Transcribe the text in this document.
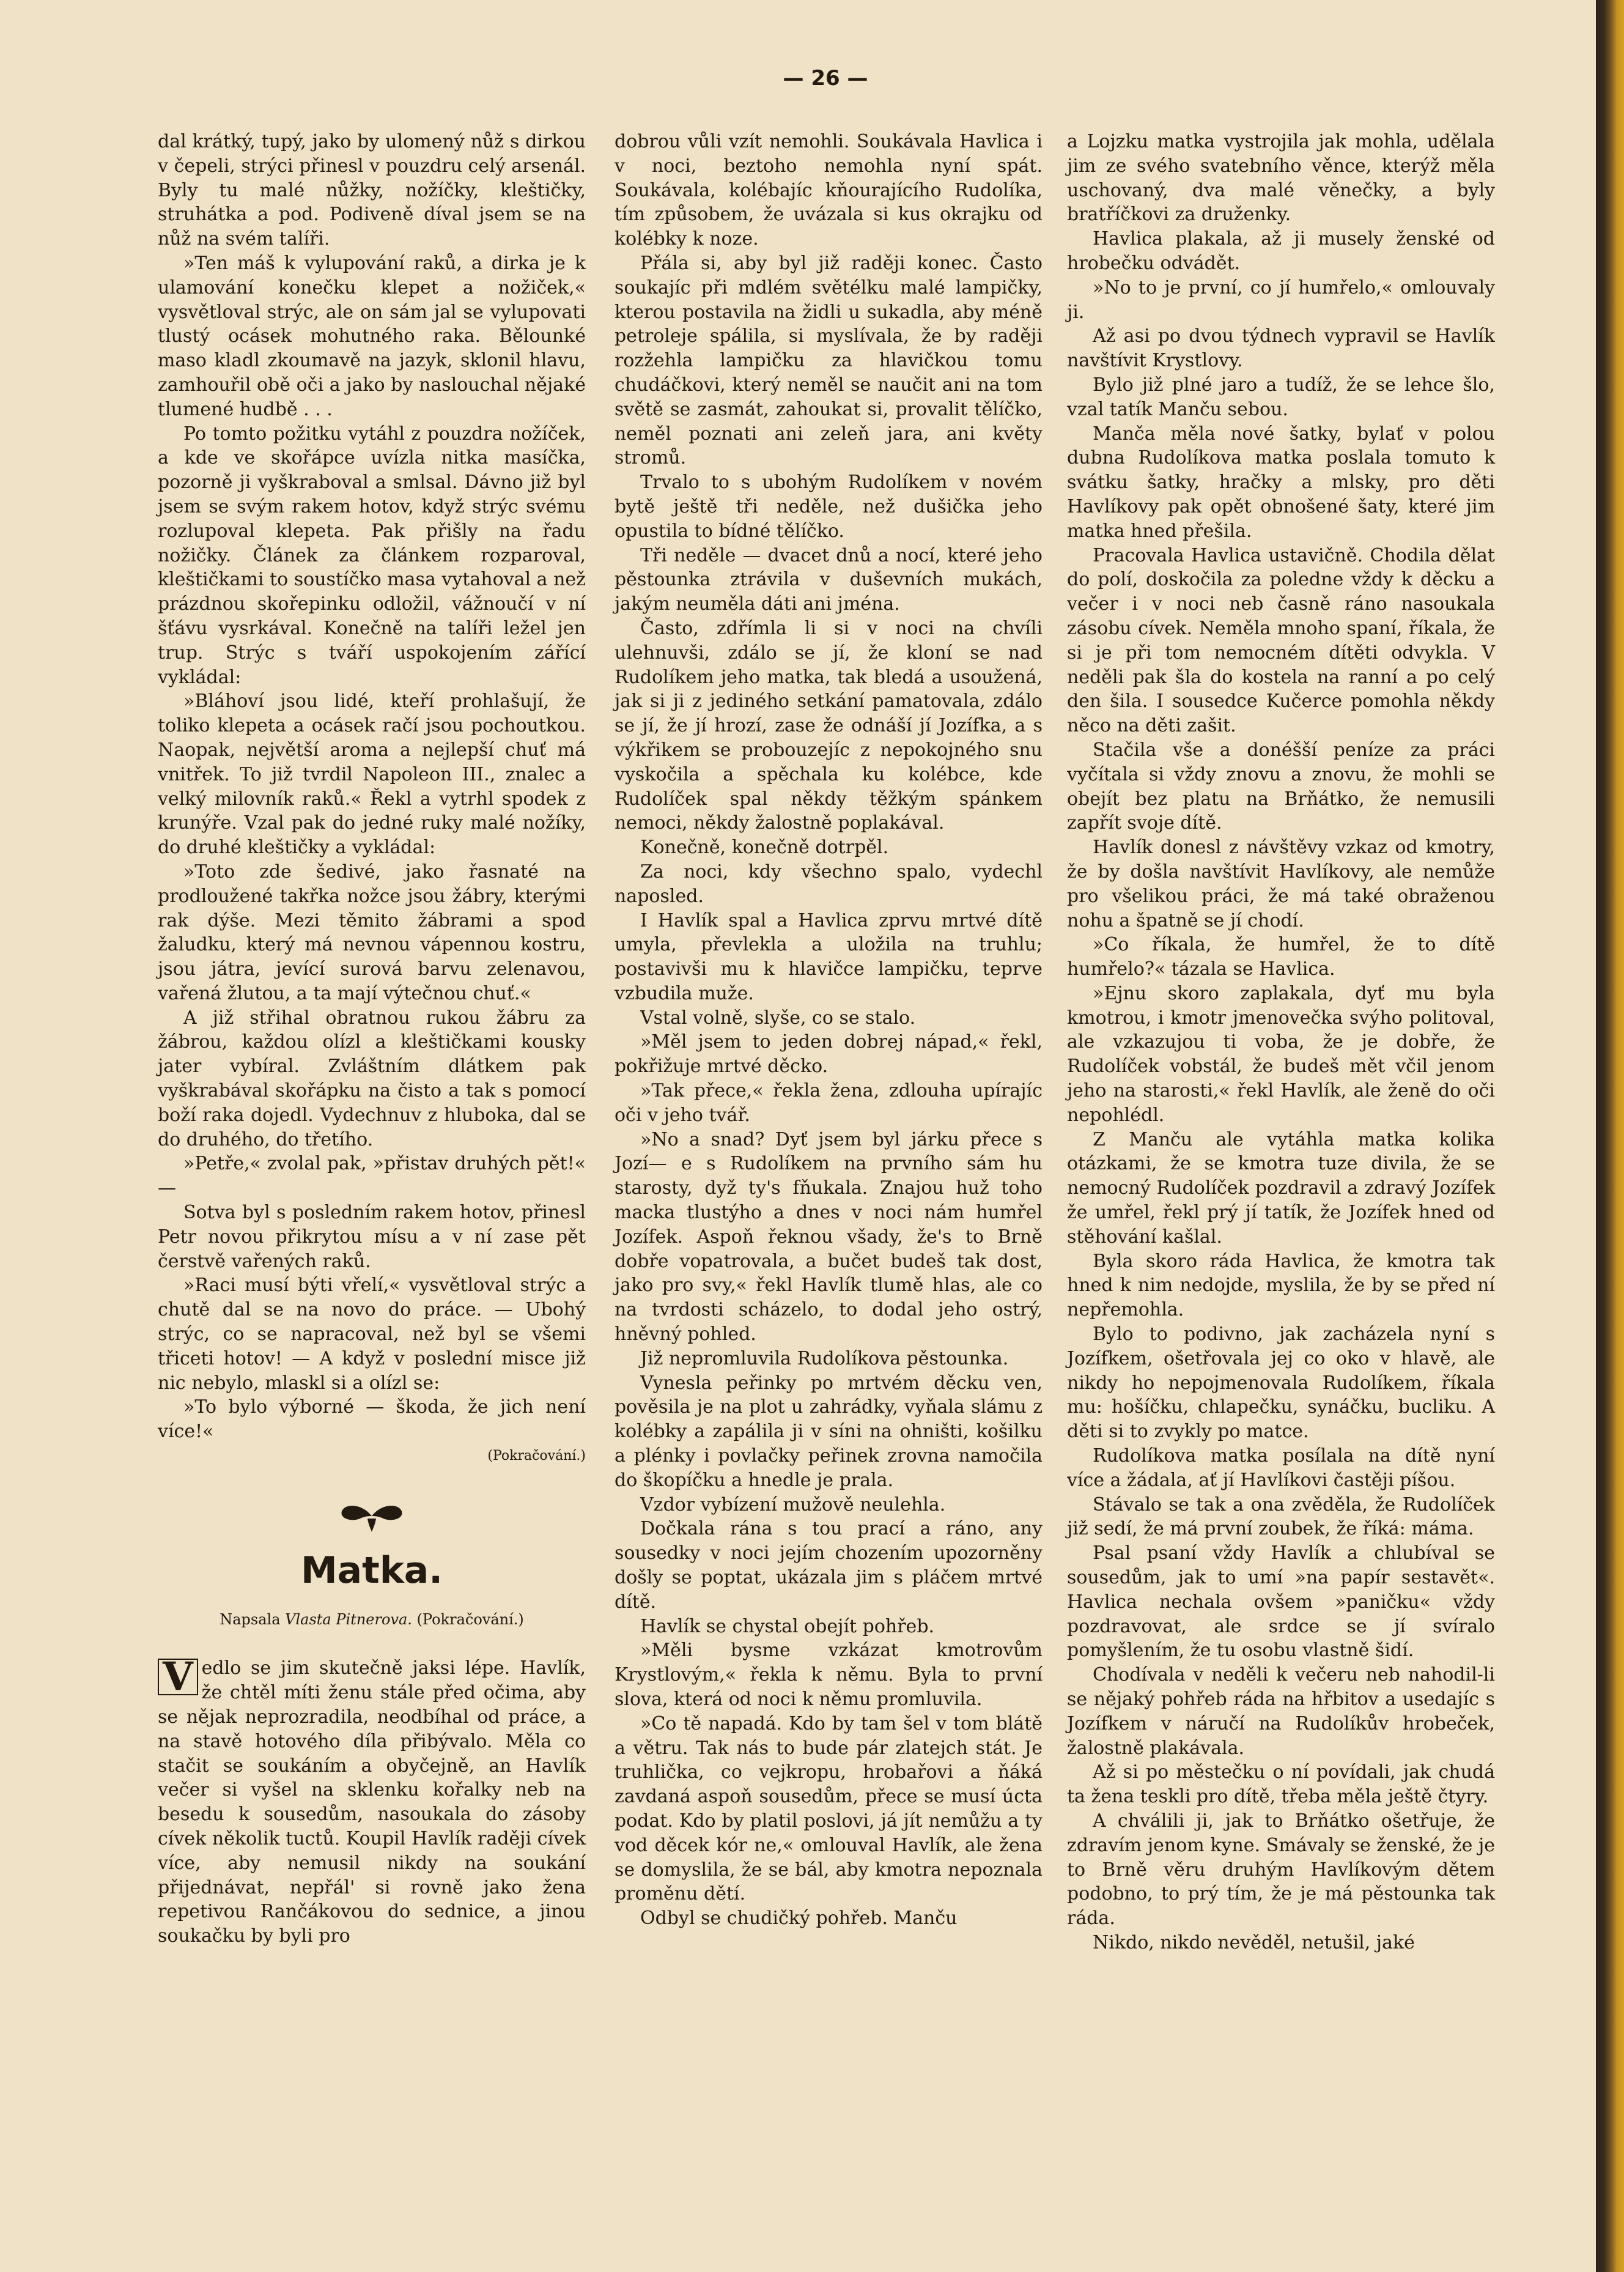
— 26 —

dal krátký, tupý, jako by ulomený nůž s dirkou v čepeli, strýci přinesl v pouzdru celý arsenál. Byly tu malé nůžky, nožíčky, kleštičky, struhátka a pod. Podiveně díval jsem se na nůž na svém talíři.

»Ten máš k vylupování raků, a dirka je k ulamování konečku klepet a nožiček,« vysvětloval strýc, ale on sám jal se vylupovati tlustý ocásek mohutného raka. Bělounké maso kladl zkoumavě na jazyk, sklonil hlavu, zamhouřil obě oči a jako by naslouchal nějaké tlumené hudbě . . .

Po tomto požitku vytáhl z pouzdra nožíček, a kde ve skořápce uvízla nitka masíčka, pozorně ji vyškraboval a smlsal. Dávno již byl jsem se svým rakem hotov, když strýc svému rozlupoval klepeta. Pak přišly na řadu nožičky. Článek za článkem rozparoval, kleštičkami to soustíčko masa vytahoval a než prázdnou skořepinku odložil, vážnoučí v ní šťávu vysrkával. Konečně na talíři ležel jen trup. Strýc s tváří uspokojením zářící vykládal:

»Bláhoví jsou lidé, kteří prohlašují, že toliko klepeta a ocásek račí jsou pochoutkou. Naopak, největší aroma a nejlepší chuť má vnitřek. To již tvrdil Napoleon III., znalec a velký milovník raků.« Řekl a vytrhl spodek z krunýře. Vzal pak do jedné ruky malé nožíky, do druhé kleštičky a vykládal:

»Toto zde šedivé, jako řasnaté na prodloužené takřka nožce jsou žábry, kterými rak dýše. Mezi těmito žábrami a spod žaludku, který má nevnou vápennou kostru, jsou játra, jevící surová barvu zelenavou, vařená žlutou, a ta mají výtečnou chuť.«

A již střihal obratnou rukou žábru za žábrou, každou olízl a kleštičkami kousky jater vybíral. Zvláštním dlátkem pak vyškrabával skořápku na čisto a tak s pomocí boží raka dojedl. Vydechnuv z hluboka, dal se do druhého, do třetího.

»Petře,« zvolal pak, »přistav druhých pět!« —

Sotva byl s posledním rakem hotov, přinesl Petr novou přikrytou mísu a v ní zase pět čerstvě vařených raků.

»Raci musí býti vřelí,« vysvětloval strýc a chutě dal se na novo do práce. — Ubohý strýc, co se napracoval, než byl se všemi třiceti hotov! — A když v poslední misce již nic nebylo, mlaskl si a olízl se:

»To bylo výborné — škoda, že jich není více!«

(Pokračování.)

Matka.
Napsala Vlasta Pitnerova. (Pokračování.)

V edlo se jim skutečně jaksi lépe. Havlík, že chtěl míti ženu stále před očima, aby se nějak neprozradila, neodbíhal od práce, a na stavě hotového díla přibývalo. Měla co stačit se soukáním a obyčejně, an Havlík večer si vyšel na sklenku kořalky neb na besedu k sousedům, nasoukala do zásoby cívek několik tuctů. Koupil Havlík raději cívek více, aby nemusil nikdy na soukání přijednávat, nepřál' si rovně jako žena repetivou Rančákovou do sednice, a jinou soukačku by byli pro

dobrou vůli vzít nemohli. Soukávala Havlica i v noci, beztoho nemohla nyní spát. Soukávala, kolébajíc kňourajícího Rudolíka, tím způsobem, že uvázala si kus okrajku od kolébky k noze.

Přála si, aby byl již raději konec. Často soukajíc při mdlém světélku malé lampičky, kterou postavila na židli u sukadla, aby méně petroleje spálila, si myslívala, že by raději rozžehla lampičku za hlavičkou tomu chudáčkovi, který neměl se naučit ani na tom světě se zasmát, zahoukat si, provalit tělíčko, neměl poznati ani zeleň jara, ani květy stromů.

Trvalo to s ubohým Rudolíkem v novém bytě ještě tři neděle, než dušička jeho opustila to bídné tělíčko.

Tři neděle — dvacet dnů a nocí, které jeho pěstounka ztrávila v duševních mukách, jakým neuměla dáti ani jména.

Často, zdřímla li si v noci na chvíli ulehnuvši, zdálo se jí, že kloní se nad Rudolíkem jeho matka, tak bledá a usoužená, jak si ji z jediného setkání pamatovala, zdálo se jí, že jí hrozí, zase že odnáší jí Jozífka, a s výkřikem se probouzejíc z nepokojného snu vyskočila a spěchala ku kolébce, kde Rudolíček spal někdy těžkým spánkem nemoci, někdy žalostně poplakával.

Konečně, konečně dotrpěl.

Za noci, kdy všechno spalo, vydechl naposled.

I Havlík spal a Havlica zprvu mrtvé dítě umyla, převlekla a uložila na truhlu; postavivši mu k hlavičce lampičku, teprve vzbudila muže.

Vstal volně, slyše, co se stalo.

»Měl jsem to jeden dobrej nápad,« řekl, pokřižuje mrtvé děcko.

»Tak přece,« řekla žena, zdlouha upírajíc oči v jeho tvář.

»No a snad? Dyť jsem byl járku přece s Jozí— e s Rudolíkem na prvního sám hu starosty, dyž ty's fňukala. Znajou huž toho macka tlustýho a dnes v noci nám humřel Jozífek. Aspoň řeknou všady, že's to Brně dobře vopatrovala, a bučet budeš tak dost, jako pro svy,« řekl Havlík tlumě hlas, ale co na tvrdosti scházelo, to dodal jeho ostrý, hněvný pohled.

Již nepromluvila Rudolíkova pěstounka.

Vynesla peřinky po mrtvém děcku ven, pověsila je na plot u zahrádky, vyňala slámu z kolébky a zapálila ji v síni na ohništi, košilku a plénky i povlačky peřinek zrovna namočila do škopíčku a hnedle je prala.

Vzdor vybízení mužově neulehla.

Dočkala rána s tou prací a ráno, any sousedky v noci jejím chozením upozorněny došly se poptat, ukázala jim s pláčem mrtvé dítě.

Havlík se chystal obejít pohřeb.

»Měli bysme vzkázat kmotrovům Krystlovým,« řekla k němu. Byla to první slova, která od noci k němu promluvila.

»Co tě napadá. Kdo by tam šel v tom blátě a větru. Tak nás to bude pár zlatejch stát. Je truhlička, co vejkropu, hrobařovi a ňáká zavdaná aspoň sousedům, přece se musí úcta podat. Kdo by platil poslovi, já jít nemůžu a ty vod děcek kór ne,« omlouval Havlík, ale žena se domyslila, že se bál, aby kmotra nepoznala proměnu dětí.

Odbyl se chudičký pohřeb. Manču

a Lojzku matka vystrojila jak mohla, udělala jim ze svého svatebního věnce, kterýž měla uschovaný, dva malé věnečky, a byly bratříčkovi za druženky.

Havlica plakala, až ji musely ženské od hrobečku odvádět.

»No to je první, co jí humřelo,« omlouvaly ji.

Až asi po dvou týdnech vypravil se Havlík navštívit Krystlovy.

Bylo již plné jaro a tudíž, že se lehce šlo, vzal tatík Manču sebou.

Manča měla nové šatky, bylať v polou dubna Rudolíkova matka poslala tomuto k svátku šatky, hračky a mlsky, pro děti Havlíkovy pak opět obnošené šaty, které jim matka hned přešila.

Pracovala Havlica ustavičně. Chodila dělat do polí, doskočila za poledne vždy k děcku a večer i v noci neb časně ráno nasoukala zásobu cívek. Neměla mnoho spaní, říkala, že si je při tom nemocném dítěti odvykla. V neděli pak šla do kostela na ranní a po celý den šila. I sousedce Kučerce pomohla někdy něco na děti zašit.

Stačila vše a donéšší peníze za práci vyčítala si vždy znovu a znovu, že mohli se obejít bez platu na Brňátko, že nemusili zapřít svoje dítě.

Havlík donesl z návštěvy vzkaz od kmotry, že by došla navštívit Havlíkovy, ale nemůže pro všelikou práci, že má také obraženou nohu a špatně se jí chodí.

»Co říkala, že humřel, že to dítě humřelo?« tázala se Havlica.

»Ejnu skoro zaplakala, dyť mu byla kmotrou, i kmotr jmenovečka svýho politoval, ale vzkazujou ti voba, že je dobře, že Rudolíček vobstál, že budeš mět včil jenom jeho na starosti,« řekl Havlík, ale ženě do oči nepohlédl.

Z Manču ale vytáhla matka kolika otázkami, že se kmotra tuze divila, že se nemocný Rudolíček pozdravil a zdravý Jozífek že umřel, řekl prý jí tatík, že Jozífek hned od stěhování kašlal.

Byla skoro ráda Havlica, že kmotra tak hned k nim nedojde, myslila, že by se před ní nepřemohla.

Bylo to podivno, jak zacházela nyní s Jozífkem, ošetřovala jej co oko v hlavě, ale nikdy ho nepojmenovala Rudolíkem, říkala mu: hošíčku, chlapečku, synáčku, bucliku. A děti si to zvykly po matce.

Rudolíkova matka posílala na dítě nyní více a žádala, ať jí Havlíkovi častěji píšou.

Stávalo se tak a ona zvěděla, že Rudolíček již sedí, že má první zoubek, že říká: máma.

Psal psaní vždy Havlík a chlubíval se sousedům, jak to umí »na papír sestavět«. Havlica nechala ovšem »paničku« vždy pozdravovat, ale srdce se jí svíralo pomyšlením, že tu osobu vlastně šidí.

Chodívala v neděli k večeru neb nahodil-li se nějaký pohřeb ráda na hřbitov a usedajíc s Jozífkem v náručí na Rudolíkův hrobeček, žalostně plakávala.

Až si po městečku o ní povídali, jak chudá ta žena teskli pro dítě, třeba měla ještě čtyry.

A chválili ji, jak to Brňátko ošetřuje, že zdravím jenom kyne. Smávaly se ženské, že je to Brně věru druhým Havlíkovým dětem podobno, to prý tím, že je má pěstounka tak ráda.

Nikdo, nikdo nevěděl, netušil, jaké
